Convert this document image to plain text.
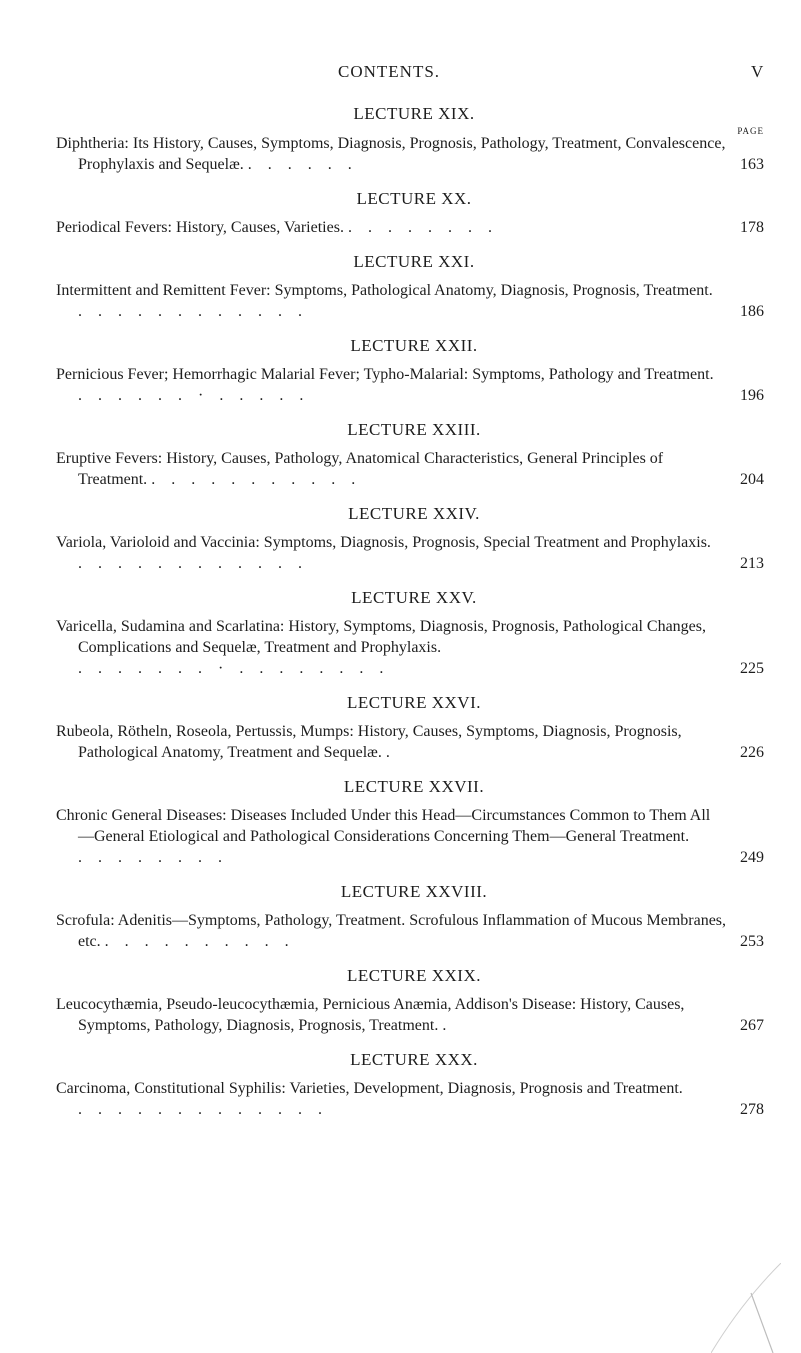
CONTENTS.	V
LECTURE XIX.
PAGE
Diphtheria: Its History, Causes, Symptoms, Diagnosis, Prognosis, Pathology, Treatment, Convalescence, Prophylaxis and Sequelæ. . . . . . .	163
LECTURE XX.
Periodical Fevers: History, Causes, Varieties. . . . . . . . .	178
LECTURE XXI.
Intermittent and Remittent Fever: Symptoms, Pathological Anatomy, Diagnosis, Prognosis, Treatment. . . . . . . . . . . . .	186
LECTURE XXII.
Pernicious Fever; Hemorrhagic Malarial Fever; Typho-Malarial: Symptoms, Pathology and Treatment. . . . . . . · . . . . .	196
LECTURE XXIII.
Eruptive Fevers: History, Causes, Pathology, Anatomical Characteristics, General Principles of Treatment. . . . . . . . . . . .	204
LECTURE XXIV.
Variola, Varioloid and Vaccinia: Symptoms, Diagnosis, Prognosis, Special Treatment and Prophylaxis. . . . . . . . . . . . .	213
LECTURE XXV.
Varicella, Sudamina and Scarlatina: History, Symptoms, Diagnosis, Prognosis, Pathological Changes, Complications and Sequelæ, Treatment and Prophylaxis. . . . . . . . · . . . . . . . .	225
LECTURE XXVI.
Rubeola, Rötheln, Roseola, Pertussis, Mumps: History, Causes, Symptoms, Diagnosis, Prognosis, Pathological Anatomy, Treatment and Sequelæ. .	226
LECTURE XXVII.
Chronic General Diseases: Diseases Included Under this Head—Circumstances Common to Them All—General Etiological and Pathological Considerations Concerning Them—General Treatment. . . . . . . . .	249
LECTURE XXVIII.
Scrofula: Adenitis—Symptoms, Pathology, Treatment. Scrofulous Inflammation of Mucous Membranes, etc. . . . . . . . . . .	253
LECTURE XXIX.
Leucocythæmia, Pseudo-leucocythæmia, Pernicious Anæmia, Addison's Disease: History, Causes, Symptoms, Pathology, Diagnosis, Prognosis, Treatment. .	267
LECTURE XXX.
Carcinoma, Constitutional Syphilis: Varieties, Development, Diagnosis, Prognosis and Treatment. . . . . . . . . . . . . .	278
